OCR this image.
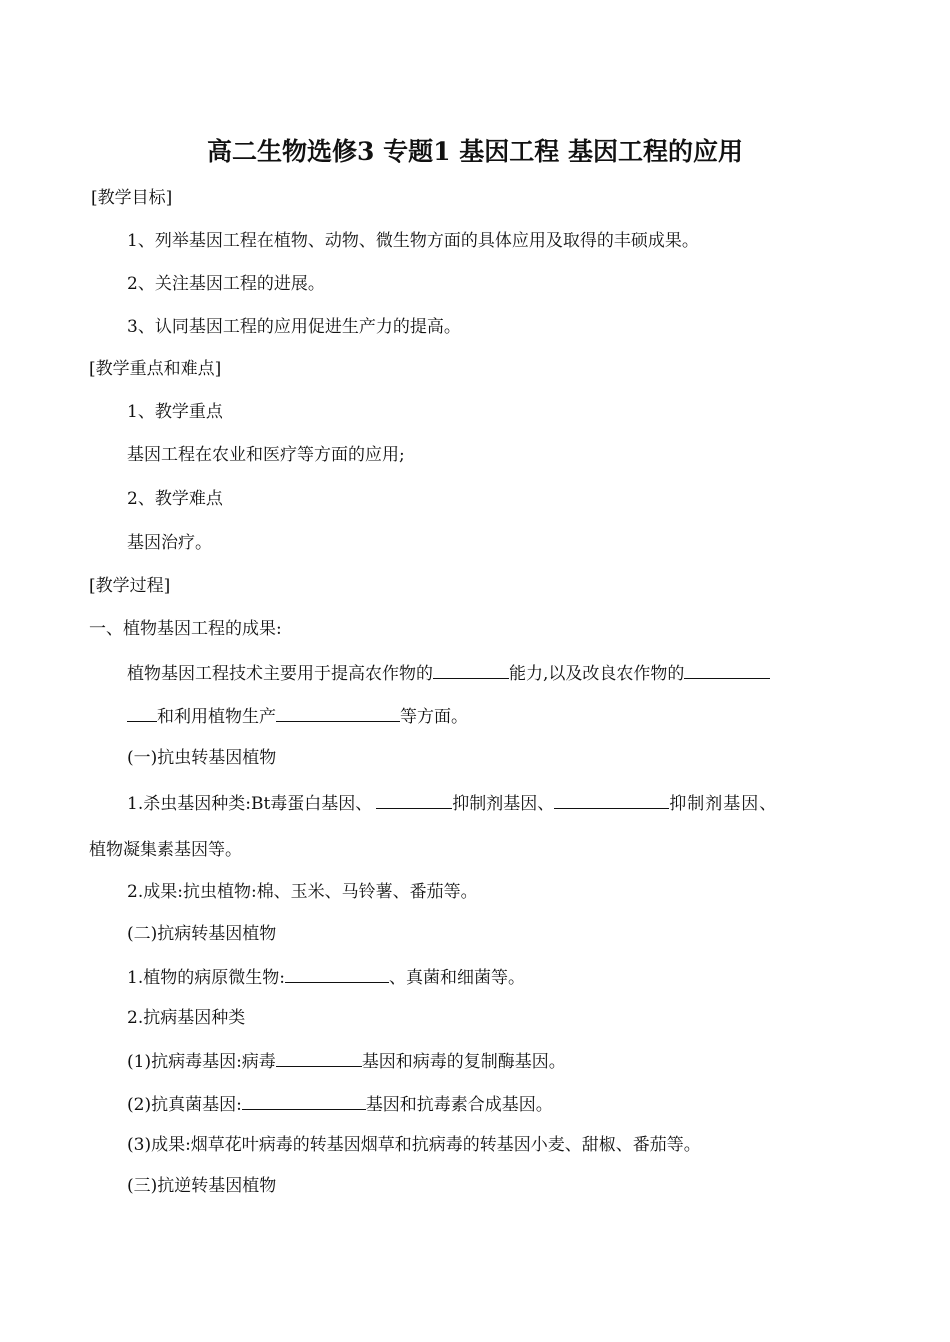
高二生物选修3 专题1 基因工程 基因工程的应用
[教学目标]
1、列举基因工程在植物、动物、微生物方面的具体应用及取得的丰硕成果。
2、关注基因工程的进展。
3、认同基因工程的应用促进生产力的提高。
[教学重点和难点]
1、教学重点
基因工程在农业和医疗等方面的应用;
2、教学难点
基因治疗。
[教学过程]
一、植物基因工程的成果:
植物基因工程技术主要用于提高农作物的	能力,以及改良农作物的
和利用植物生产	等方面。
(一)抗虫转基因植物
1.杀虫基因种类:Bt毒蛋白基因、	抑制剂基因、	抑制剂基因、
植物凝集素基因等。
2.成果:抗虫植物:棉、玉米、马铃薯、番茄等。
(二)抗病转基因植物
1.植物的病原微生物:	、真菌和细菌等。
2.抗病基因种类
(1)抗病毒基因:病毒	基因和病毒的复制酶基因。
(2)抗真菌基因:	基因和抗毒素合成基因。
(3)成果:烟草花叶病毒的转基因烟草和抗病毒的转基因小麦、甜椒、番茄等。
(三)抗逆转基因植物
